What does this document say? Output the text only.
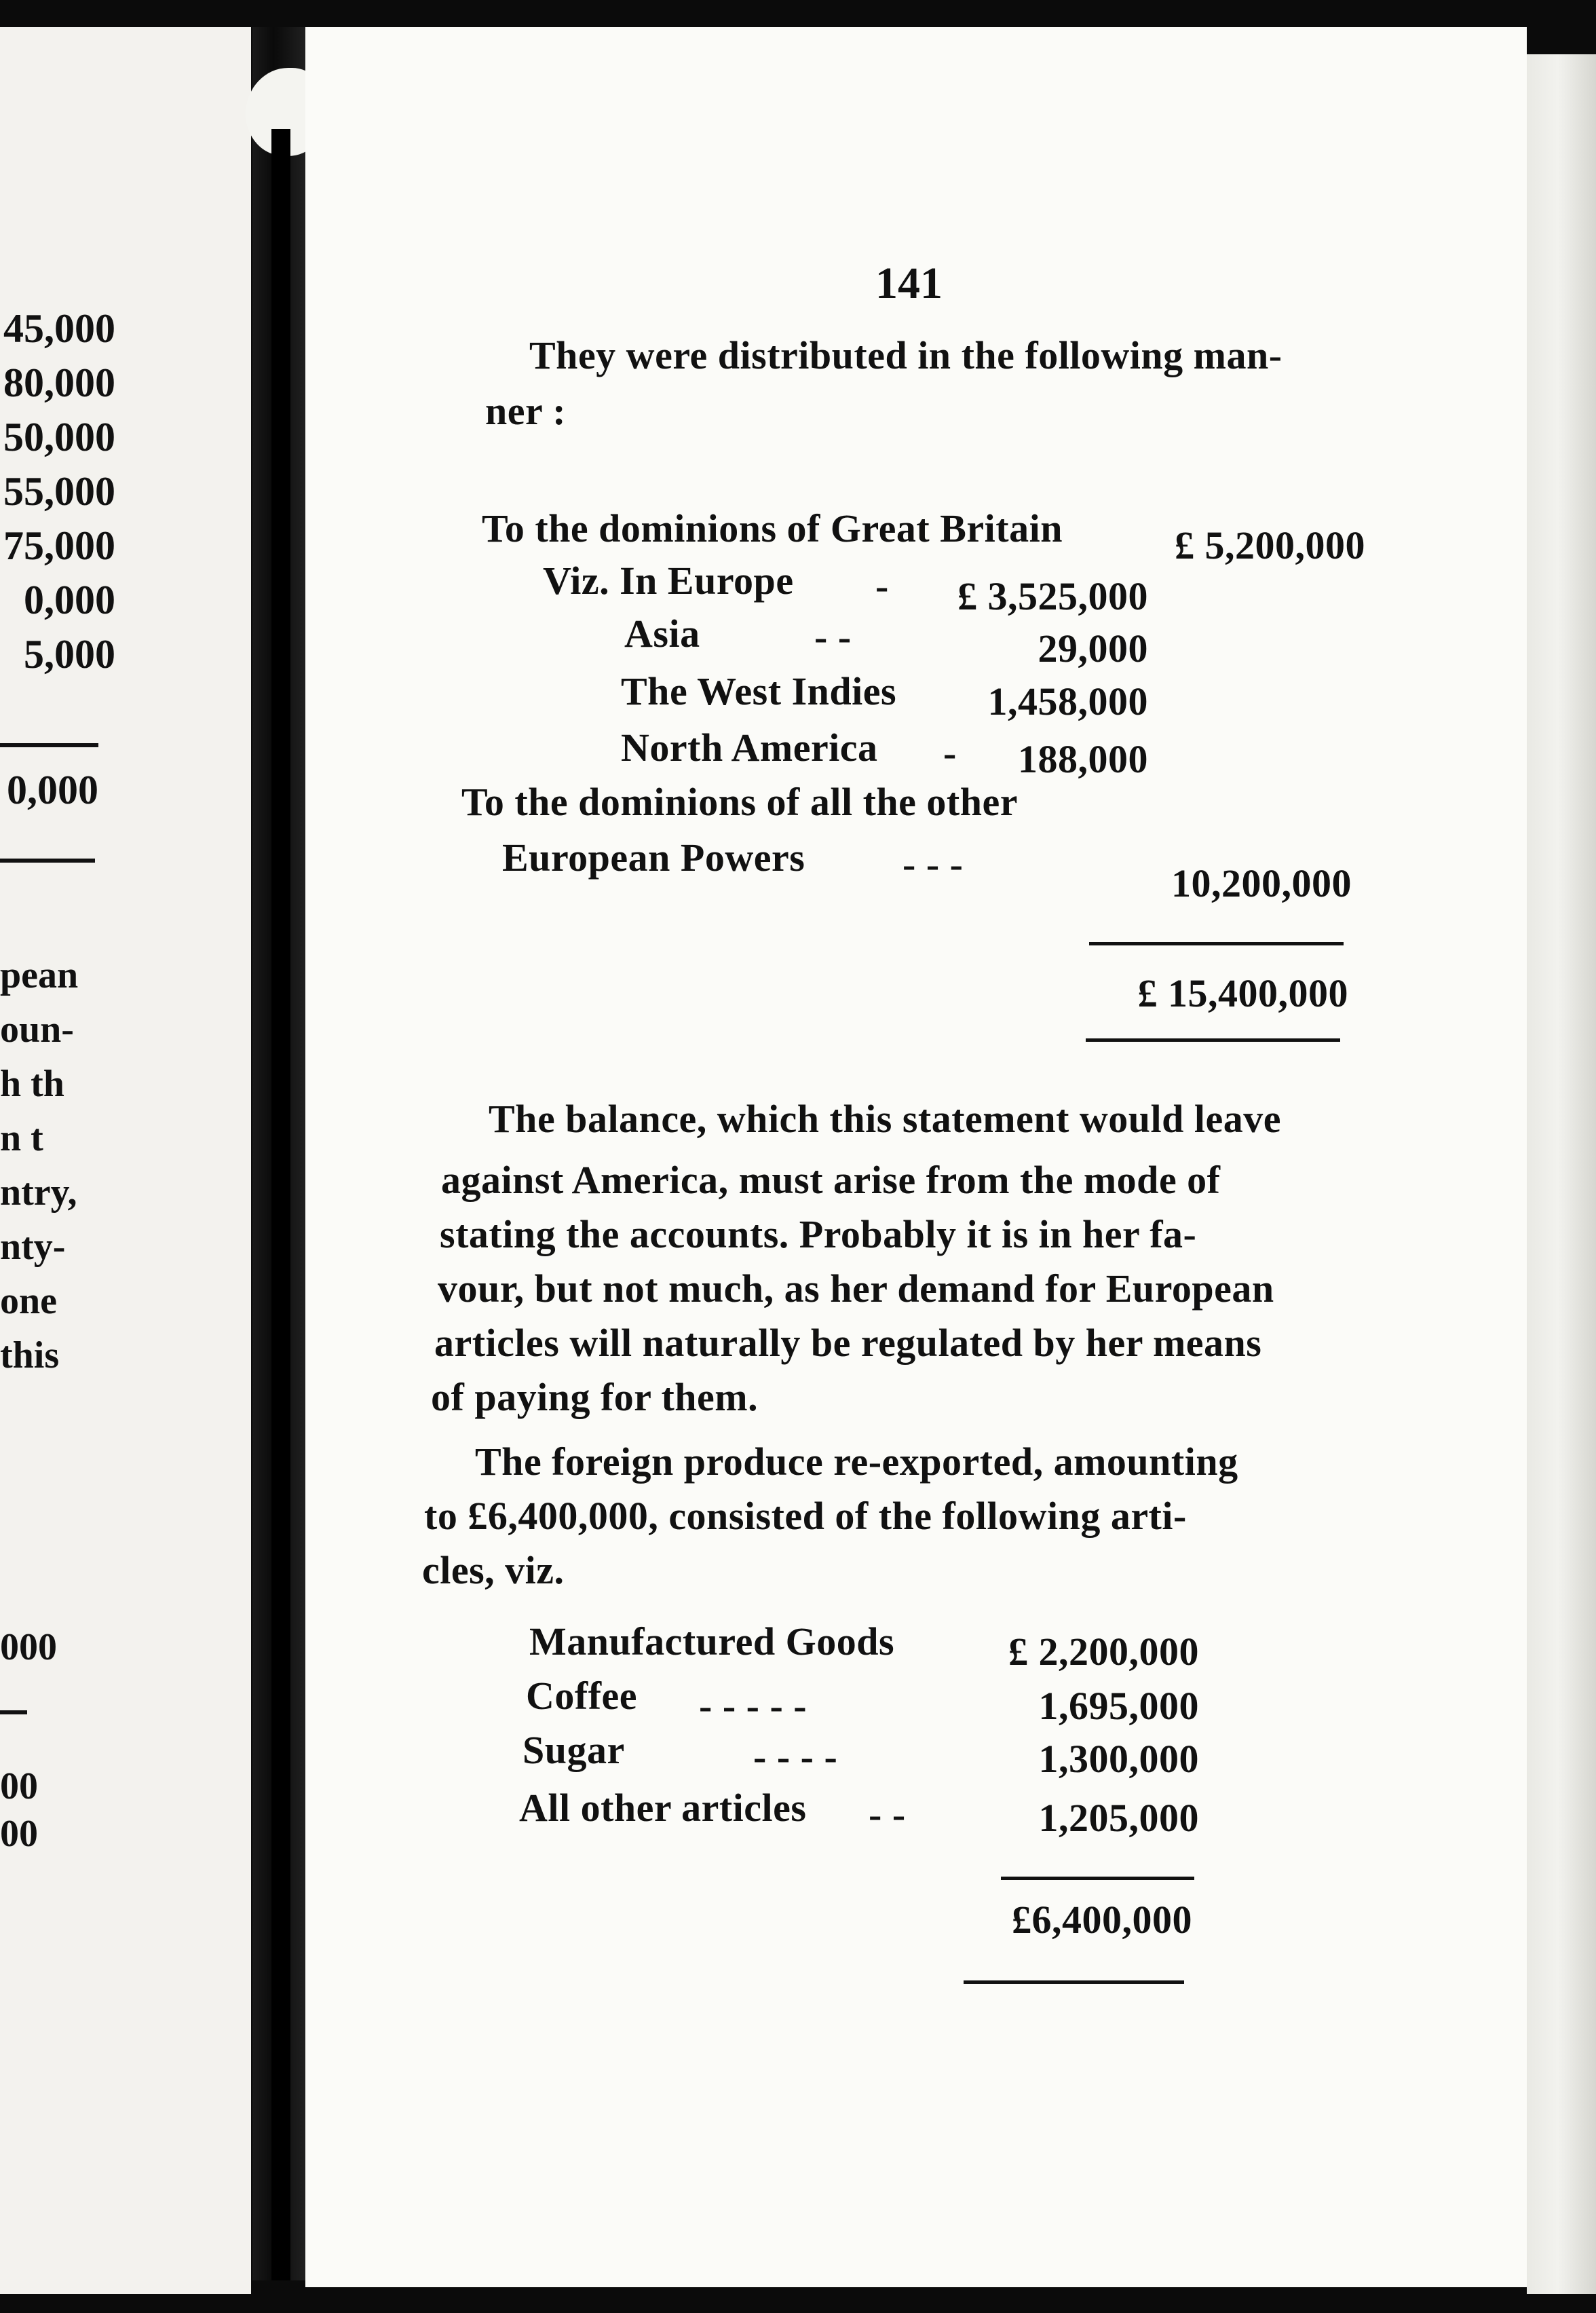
45,000
80,000
50,000
55,000
75,000
0,000
5,000
0,000
pean
oun-
h th
n t
ntry,
nty-
one
this
000
00
00
141
They were distributed in the following man-
ner :
To the dominions of Great Britain	£ 5,200,000
Viz. In Europe - £ 3,525,000
Asia	- -	29,000
The West Indies 1,458,000
North America - 188,000
To the dominions of all the other
European Powers - - -	10,200,000
£ 15,400,000
The balance, which this statement would leave
against America, must arise from the mode of
stating the accounts. Probably it is in her fa-
vour, but not much, as her demand for European
articles will naturally be regulated by her means
of paying for them.
The foreign produce re-exported, amounting
to £6,400,000, consisted of the following arti-
cles, viz.
Manufactured Goods	£ 2,200,000
Coffee - - - - -	1,695,000
Sugar	- - - -	1,300,000
All other articles - -	1,205,000
£6,400,000
